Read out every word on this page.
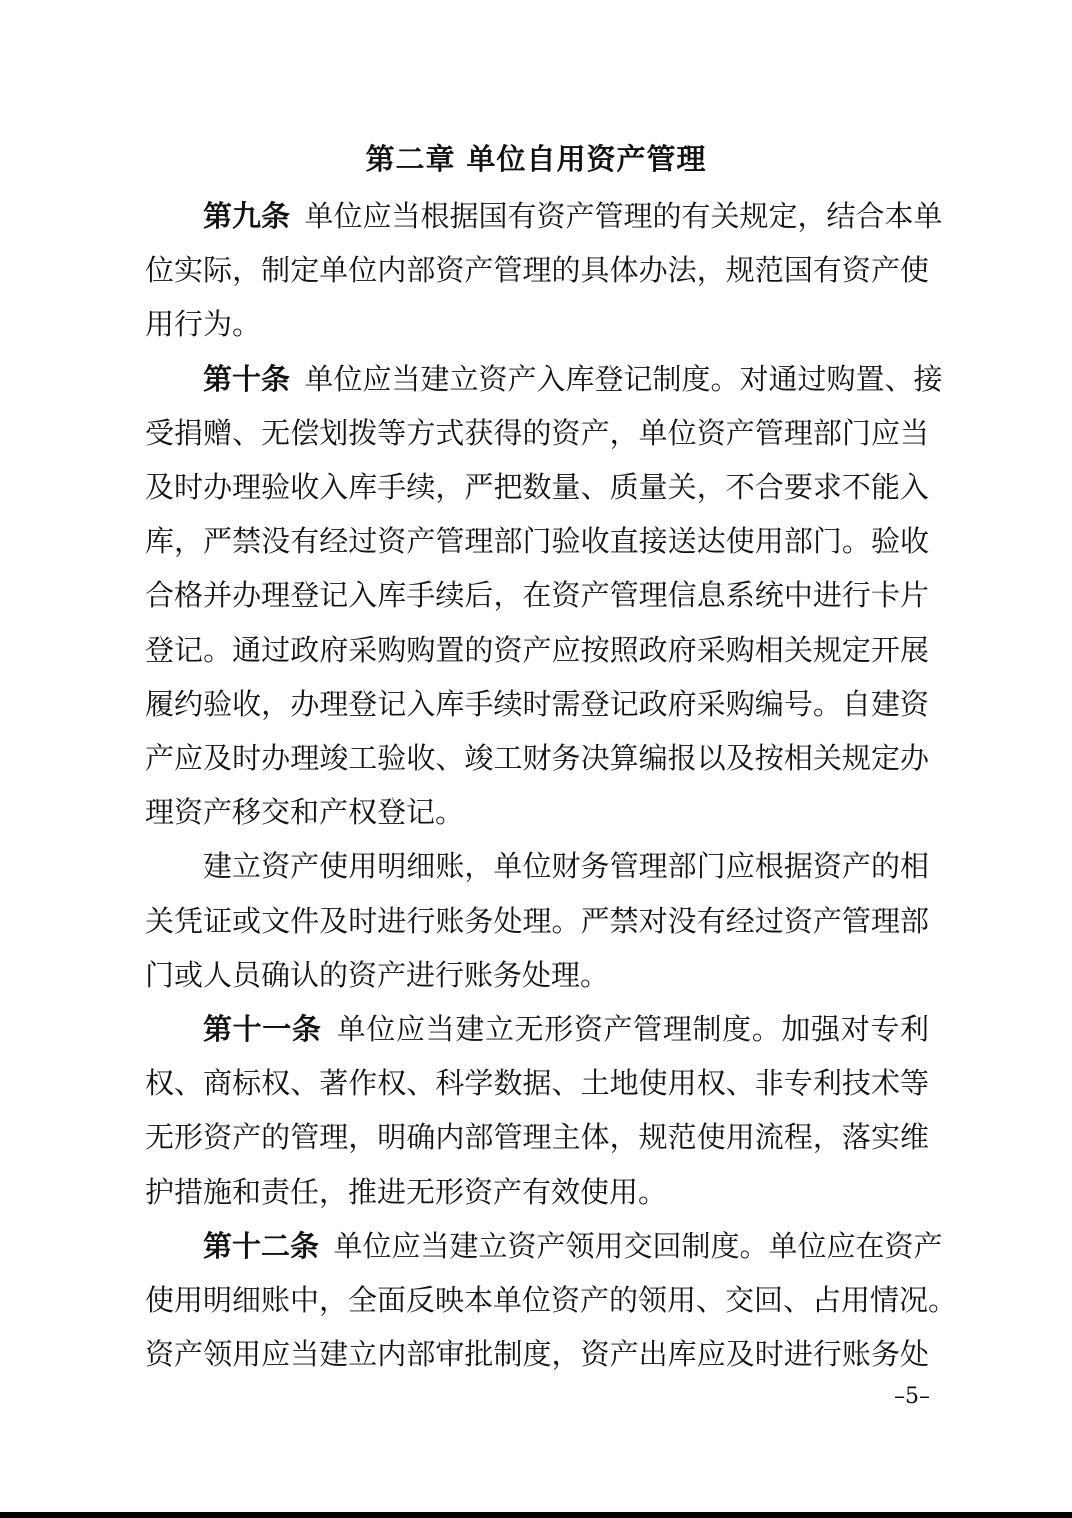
第二章 单位自用资产管理
第九条  单位应当根据国有资产管理的有关规定，结合本单
位实际，制定单位内部资产管理的具体办法，规范国有资产使
用行为。
第十条  单位应当建立资产入库登记制度。对通过购置、接
受捐赠、无偿划拨等方式获得的资产，单位资产管理部门应当
及时办理验收入库手续，严把数量、质量关，不合要求不能入
库，严禁没有经过资产管理部门验收直接送达使用部门。验收
合格并办理登记入库手续后，在资产管理信息系统中进行卡片
登记。通过政府采购购置的资产应按照政府采购相关规定开展
履约验收，办理登记入库手续时需登记政府采购编号。自建资
产应及时办理竣工验收、竣工财务决算编报以及按相关规定办
理资产移交和产权登记。
建立资产使用明细账，单位财务管理部门应根据资产的相
关凭证或文件及时进行账务处理。严禁对没有经过资产管理部
门或人员确认的资产进行账务处理。
第十一条  单位应当建立无形资产管理制度。加强对专利
权、商标权、著作权、科学数据、土地使用权、非专利技术等
无形资产的管理，明确内部管理主体，规范使用流程，落实维
护措施和责任，推进无形资产有效使用。
第十二条  单位应当建立资产领用交回制度。单位应在资产
使用明细账中，全面反映本单位资产的领用、交回、占用情况。
资产领用应当建立内部审批制度，资产出库应及时进行账务处
–5–
